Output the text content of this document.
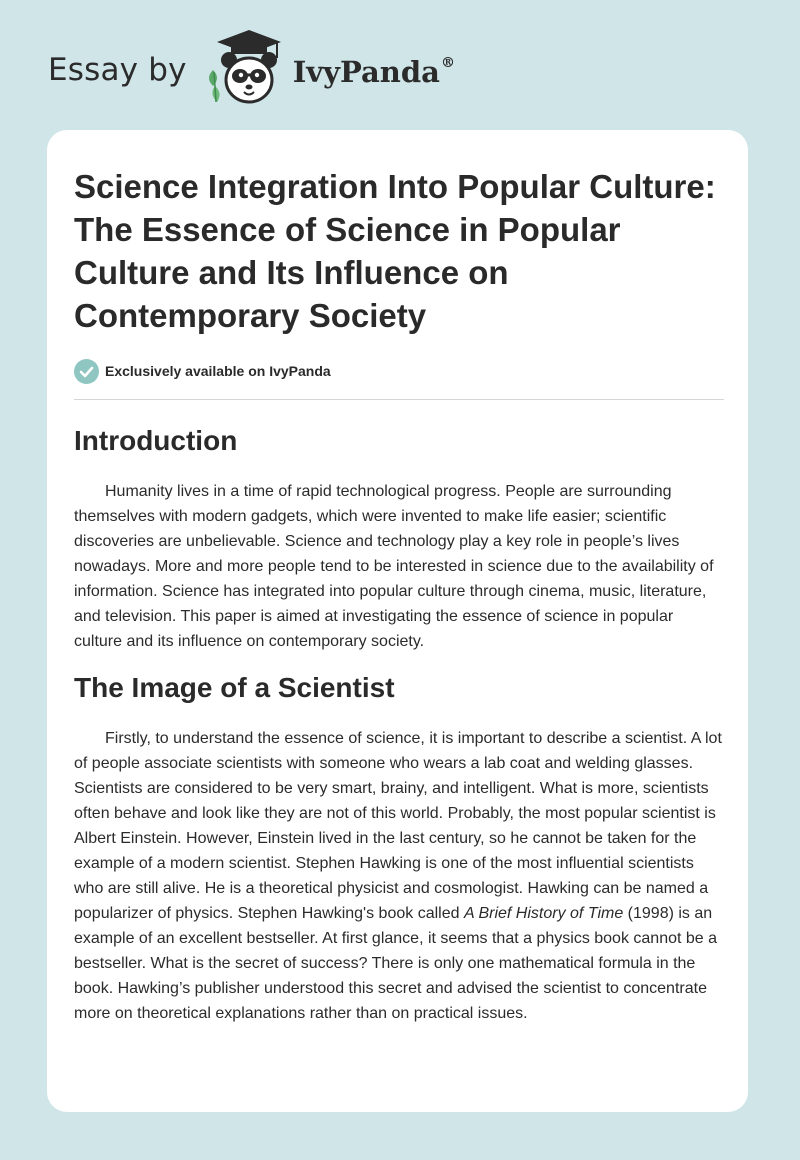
Essay by	IvyPanda®
Science Integration Into Popular Culture: The Essence of Science in Popular Culture and Its Influence on Contemporary Society
Exclusively available on IvyPanda
Introduction

Humanity lives in a time of rapid technological progress. People are surrounding themselves with modern gadgets, which were invented to make life easier; scientific discoveries are unbelievable. Science and technology play a key role in people’s lives nowadays. More and more people tend to be interested in science due to the availability of information. Science has integrated into popular culture through cinema, music, literature, and television. This paper is aimed at investigating the essence of science in popular culture and its influence on contemporary society.

The Image of a Scientist

Firstly, to understand the essence of science, it is important to describe a scientist. A lot of people associate scientists with someone who wears a lab coat and welding glasses. Scientists are considered to be very smart, brainy, and intelligent. What is more, scientists often behave and look like they are not of this world. Probably, the most popular scientist is Albert Einstein. However, Einstein lived in the last century, so he cannot be taken for the example of a modern scientist. Stephen Hawking is one of the most influential scientists who are still alive. He is a theoretical physicist and cosmologist. Hawking can be named a popularizer of physics. Stephen Hawking's book called A Brief History of Time (1998) is an example of an excellent bestseller. At first glance, it seems that a physics book cannot be a bestseller. What is the secret of success? There is only one mathematical formula in the book. Hawking’s publisher understood this secret and advised the scientist to concentrate more on theoretical explanations rather than on practical issues.
